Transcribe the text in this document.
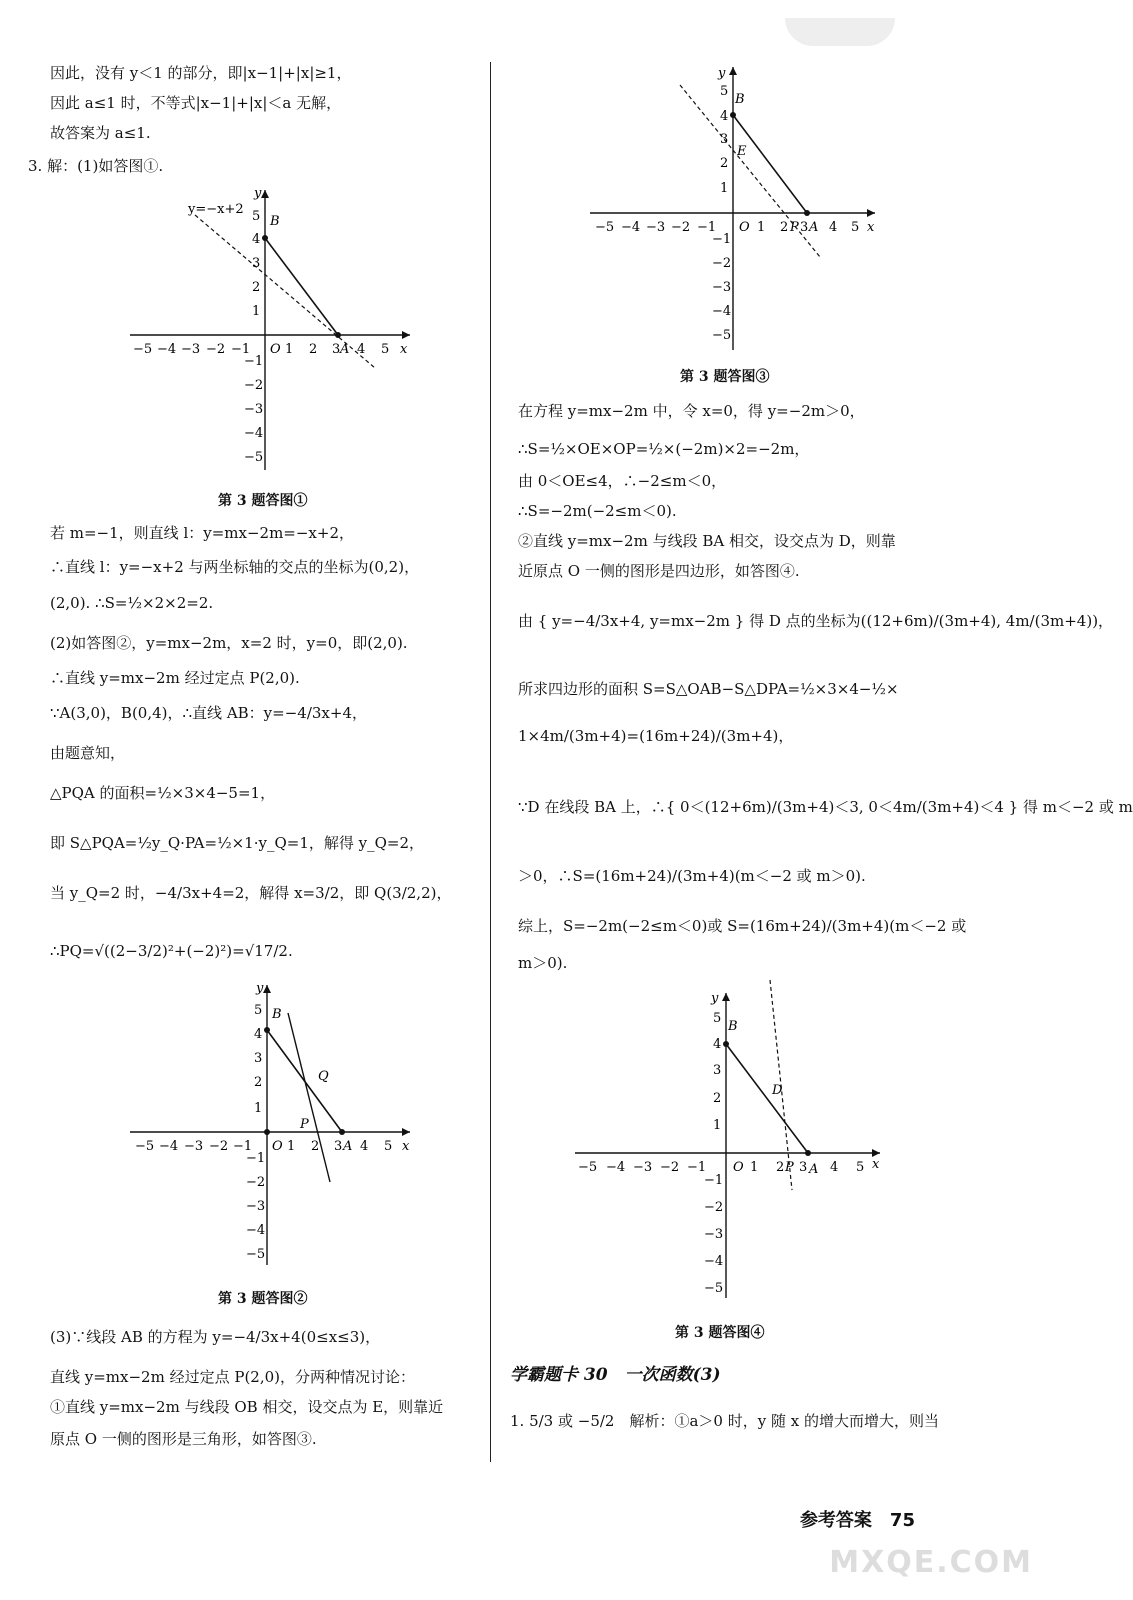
因此，没有 y＜1 的部分，即|x−1|+|x|≥1，
因此 a≤1 时，不等式|x−1|+|x|＜a 无解，
故答案为 a≤1.
3. 解：(1)如答图①.
y=−x+2
B
O	3 A	x
y
−5 −4 −3 −2 −1	1 2	4 5
5
4
3
2
1
−1
−2
−3
−4
−5
第 3 题答图①
若 m=−1，则直线 l：y=mx−2m=−x+2，
∴直线 l：y=−x+2 与两坐标轴的交点的坐标为(0,2)，
(2,0). ∴S=½×2×2=2.
(2)如答图②，y=mx−2m，x=2 时，y=0，即(2,0).
∴直线 y=mx−2m 经过定点 P(2,0).
∵A(3,0)，B(0,4)，∴直线 AB：y=−4/3x+4，
由题意知，
△PQA 的面积=½×3×4−5=1，
即 S△PQA=½y_Q·PA=½×1·y_Q=1，解得 y_Q=2，
当 y_Q=2 时，−4/3x+4=2，解得 x=3/2，即 Q(3/2,2)，
∴PQ=√((2−3/2)²+(−2)²)=√17/2.
B
Q
P
O	3 A	x
y
−5 −4 −3 −2 −1	1 2	4 5
5
4
3
2
1
−1
−2
−3
−4
−5
第 3 题答图②
(3)∵线段 AB 的方程为 y=−4/3x+4(0≤x≤3)，
直线 y=mx−2m 经过定点 P(2,0)，分两种情况讨论：
①直线 y=mx−2m 与线段 OB 相交，设交点为 E，则靠近
原点 O 一侧的图形是三角形，如答图③.
B
E
O	P 3 A	x
y
−5 −4 −3 −2 −1	1 2	4 5
5
4
3
2
1
−1
−2
−3
−4
−5
第 3 题答图③
在方程 y=mx−2m 中，令 x=0，得 y=−2m＞0，
∴S=½×OE×OP=½×(−2m)×2=−2m，
由 0＜OE≤4，∴−2≤m＜0，
∴S=−2m(−2≤m＜0).
②直线 y=mx−2m 与线段 BA 相交，设交点为 D，则靠
近原点 O 一侧的图形是四边形，如答图④.
由 { y=−4/3x+4, y=mx−2m } 得 D 点的坐标为((12+6m)/(3m+4), 4m/(3m+4))，
所求四边形的面积 S=S△OAB−S△DPA=½×3×4−½×
1×4m/(3m+4)=(16m+24)/(3m+4)，
∵D 在线段 BA 上，∴{ 0＜(12+6m)/(3m+4)＜3, 0＜4m/(3m+4)＜4 } 得 m＜−2 或 m
＞0，∴S=(16m+24)/(3m+4)(m＜−2 或 m＞0).
综上，S=−2m(−2≤m＜0)或 S=(16m+24)/(3m+4)(m＜−2 或
m＞0).
B
D
O	P 3 A	x
y
−5 −4 −3 −2 −1	1 2	4 5
5
4
3
2
1
−1
−2
−3
−4
−5
第 3 题答图④
学霸题卡 30　一次函数(3)
1. 5/3 或 −5/2　解析：①a＞0 时，y 随 x 的增大而增大，则当
参考答案　75
MXQE.COM
